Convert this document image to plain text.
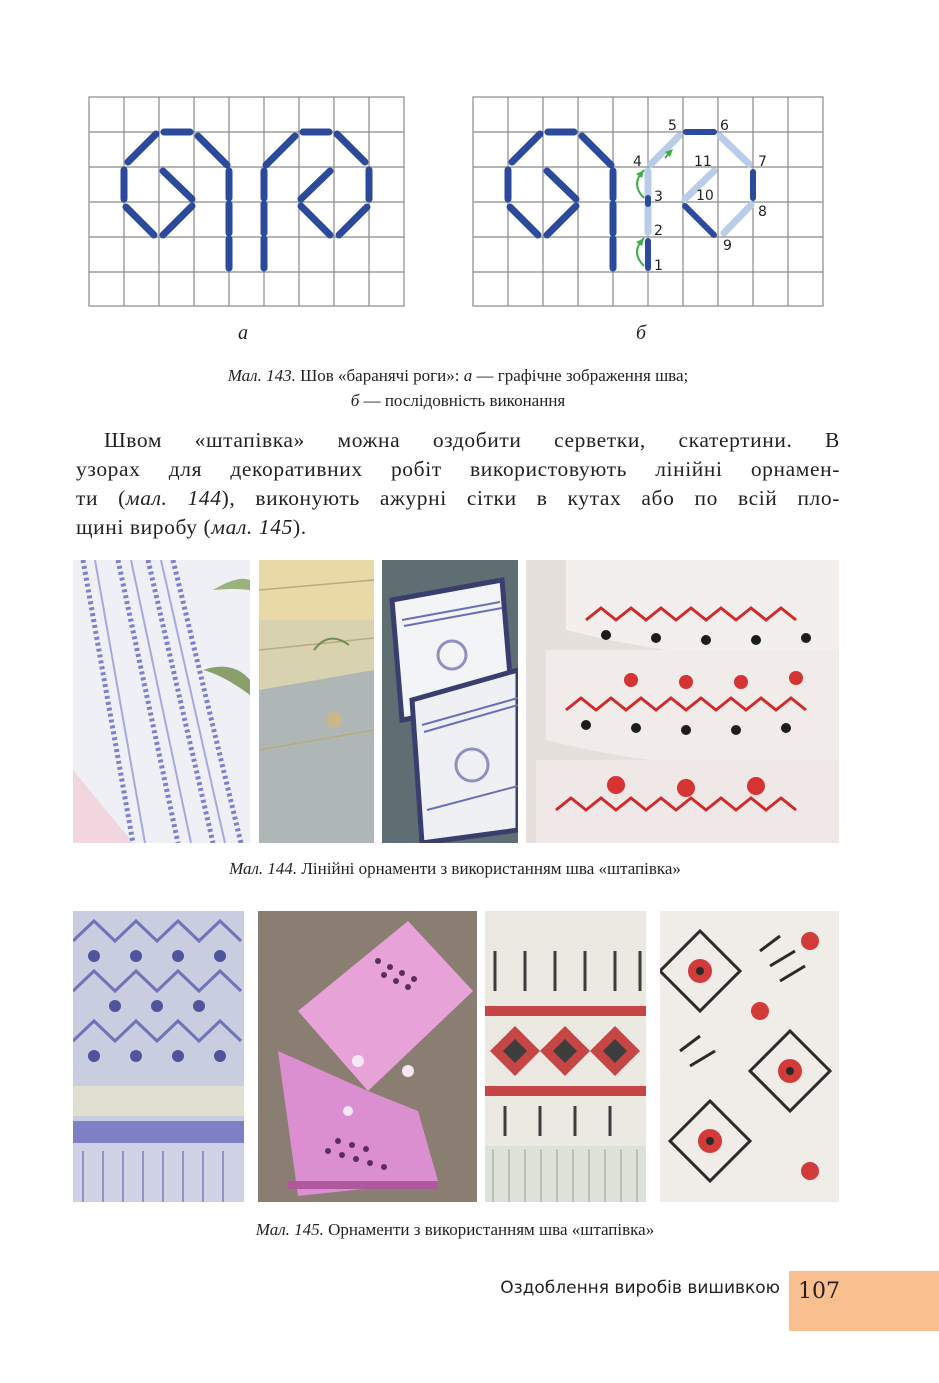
а
1
2
3
4
5	6
7
8
9
10
11
б
Мал. 143. Шов «баранячі роги»: а — графічне зображення шва;
б — послідовність виконання
Швом «штапівка» можна оздобити серветки, скатертини. В
узорах для декоративних робіт використовують лінійні орнамен-
ти (мал. 144), виконують ажурні сітки в кутах або по всій пло-
щині виробу (мал. 145).
Мал. 144. Лінійні орнаменти з використанням шва «штапівка»
Мал. 145. Орнаменти з використанням шва «штапівка»
Оздоблення виробів вишивкою 107
